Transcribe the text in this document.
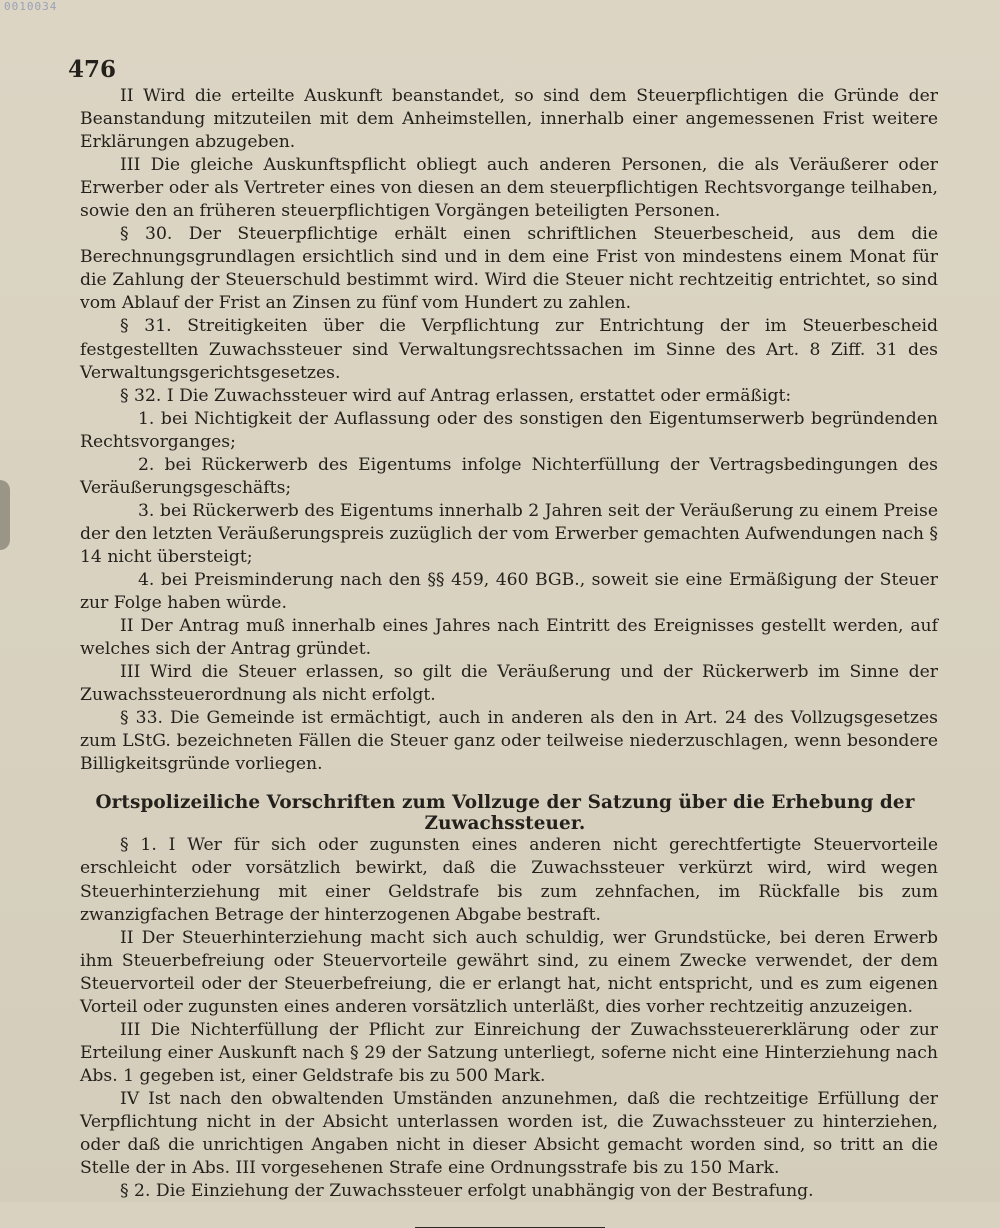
0010034
476

II Wird die erteilte Auskunft beanstandet, so sind dem Steuerpflichtigen die Gründe der Beanstandung mitzuteilen mit dem Anheimstellen, innerhalb einer angemessenen Frist weitere Erklärungen abzugeben.

III Die gleiche Auskunftspflicht obliegt auch anderen Personen, die als Veräußerer oder Erwerber oder als Vertreter eines von diesen an dem steuerpflichtigen Rechtsvorgange teilhaben, sowie den an früheren steuerpflichtigen Vorgängen beteiligten Personen.

§ 30. Der Steuerpflichtige erhält einen schriftlichen Steuerbescheid, aus dem die Berechnungsgrundlagen ersichtlich sind und in dem eine Frist von mindestens einem Monat für die Zahlung der Steuerschuld bestimmt wird. Wird die Steuer nicht rechtzeitig entrichtet, so sind vom Ablauf der Frist an Zinsen zu fünf vom Hundert zu zahlen.

§ 31. Streitigkeiten über die Verpflichtung zur Entrichtung der im Steuerbescheid festgestellten Zuwachssteuer sind Verwaltungsrechtssachen im Sinne des Art. 8 Ziff. 31 des Verwaltungsgerichtsgesetzes.

§ 32. I Die Zuwachssteuer wird auf Antrag erlassen, erstattet oder ermäßigt:

1. bei Nichtigkeit der Auflassung oder des sonstigen den Eigentumserwerb begründenden Rechtsvorganges;

2. bei Rückerwerb des Eigentums infolge Nichterfüllung der Vertragsbedingungen des Veräußerungsgeschäfts;

3. bei Rückerwerb des Eigentums innerhalb 2 Jahren seit der Veräußerung zu einem Preise der den letzten Veräußerungspreis zuzüglich der vom Erwerber gemachten Aufwendungen nach § 14 nicht übersteigt;

4. bei Preisminderung nach den §§ 459, 460 BGB., soweit sie eine Ermäßigung der Steuer zur Folge haben würde.

II Der Antrag muß innerhalb eines Jahres nach Eintritt des Ereignisses gestellt werden, auf welches sich der Antrag gründet.

III Wird die Steuer erlassen, so gilt die Veräußerung und der Rückerwerb im Sinne der Zuwachssteuerordnung als nicht erfolgt.

§ 33. Die Gemeinde ist ermächtigt, auch in anderen als den in Art. 24 des Vollzugsgesetzes zum LStG. bezeichneten Fällen die Steuer ganz oder teilweise niederzuschlagen, wenn besondere Billigkeitsgründe vorliegen.

Ortspolizeiliche Vorschriften zum Vollzuge der Satzung über die Erhebung der Zuwachssteuer.

§ 1. I Wer für sich oder zugunsten eines anderen nicht gerechtfertigte Steuervorteile erschleicht oder vorsätzlich bewirkt, daß die Zuwachssteuer verkürzt wird, wird wegen Steuerhinterziehung mit einer Geldstrafe bis zum zehnfachen, im Rückfalle bis zum zwanzigfachen Betrage der hinterzogenen Abgabe bestraft.

II Der Steuerhinterziehung macht sich auch schuldig, wer Grundstücke, bei deren Erwerb ihm Steuerbefreiung oder Steuervorteile gewährt sind, zu einem Zwecke verwendet, der dem Steuervorteil oder der Steuerbefreiung, die er erlangt hat, nicht entspricht, und es zum eigenen Vorteil oder zugunsten eines anderen vorsätzlich unterläßt, dies vorher rechtzeitig anzuzeigen.

III Die Nichterfüllung der Pflicht zur Einreichung der Zuwachssteuererklärung oder zur Erteilung einer Auskunft nach § 29 der Satzung unterliegt, soferne nicht eine Hinterziehung nach Abs. 1 gegeben ist, einer Geldstrafe bis zu 500 Mark.

IV Ist nach den obwaltenden Umständen anzunehmen, daß die rechtzeitige Erfüllung der Verpflichtung nicht in der Absicht unterlassen worden ist, die Zuwachssteuer zu hinterziehen, oder daß die unrichtigen Angaben nicht in dieser Absicht gemacht worden sind, so tritt an die Stelle der in Abs. III vorgesehenen Strafe eine Ordnungsstrafe bis zu 150 Mark.

§ 2. Die Einziehung der Zuwachssteuer erfolgt unabhängig von der Bestrafung.
